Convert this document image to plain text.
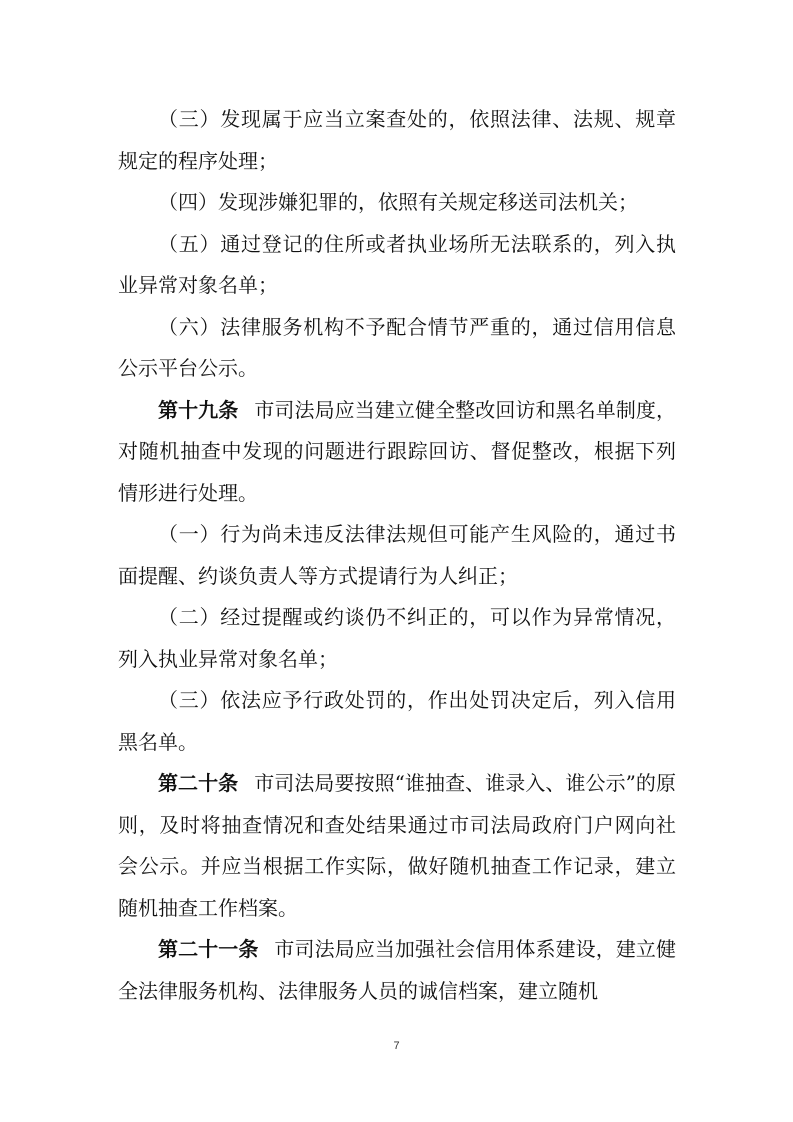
（三）发现属于应当立案查处的，依照法律、法规、规章规定的程序处理；

（四）发现涉嫌犯罪的，依照有关规定移送司法机关；

（五）通过登记的住所或者执业场所无法联系的，列入执业异常对象名单；

（六）法律服务机构不予配合情节严重的，通过信用信息公示平台公示。

第十九条 市司法局应当建立健全整改回访和黑名单制度，对随机抽查中发现的问题进行跟踪回访、督促整改，根据下列情形进行处理。

（一）行为尚未违反法律法规但可能产生风险的，通过书面提醒、约谈负责人等方式提请行为人纠正；

（二）经过提醒或约谈仍不纠正的，可以作为异常情况，列入执业异常对象名单；

（三）依法应予行政处罚的，作出处罚决定后，列入信用黑名单。

第二十条 市司法局要按照“谁抽查、谁录入、谁公示”的原则，及时将抽查情况和查处结果通过市司法局政府门户网向社会公示。并应当根据工作实际，做好随机抽查工作记录，建立随机抽查工作档案。

第二十一条 市司法局应当加强社会信用体系建设，建立健全法律服务机构、法律服务人员的诚信档案，建立随机

7
